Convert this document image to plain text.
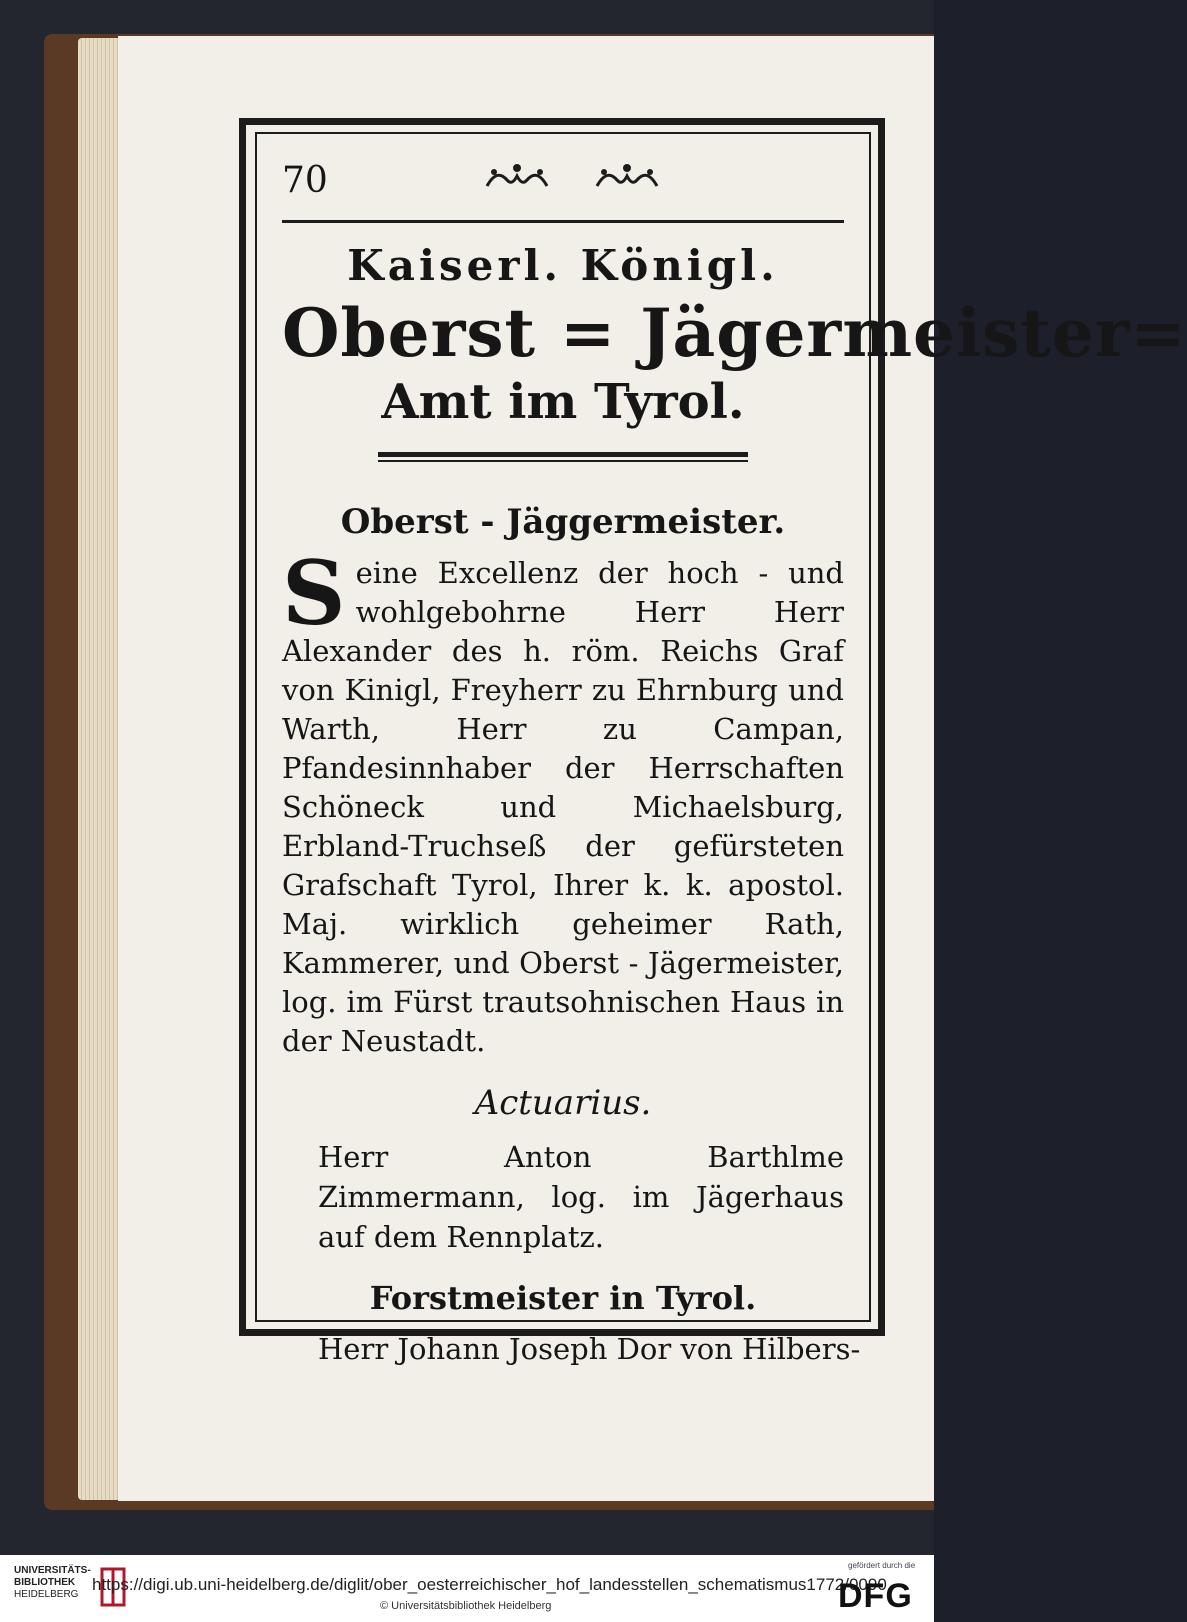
70
Kaiserl. Königl.
Oberst = Jägermeister=
Amt im Tyrol.
Oberst - Jäggermeister.
S eine Excellenz der hoch - und wohlgebohrne Herr Herr Alexander des h. röm. Reichs Graf von Kinigl, Freyherr zu Ehrnburg und Warth, Herr zu Campan, Pfandesinnhaber der Herrschaften Schöneck und Michaelsburg, Erbland-Truchseß der gefürsteten Grafschaft Tyrol, Ihrer k. k. apostol. Maj. wirklich geheimer Rath, Kammerer, und Oberst - Jägermeister, log. im Fürst trautsohnischen Haus in der Neustadt.
Actuarius.
Herr Anton Barthlme Zimmermann, log. im Jägerhaus auf dem Rennplatz.
Forstmeister in Tyrol.
Herr Johann Joseph Dor von Hilbers-
UNIVERSITÄTS-
BIBLIOTHEK
HEIDELBERG
https://digi.ub.uni-heidelberg.de/diglit/ober_oesterreichischer_hof_landesstellen_schematismus1772/0090
© Universitätsbibliothek Heidelberg
gefördert durch die
DFG
